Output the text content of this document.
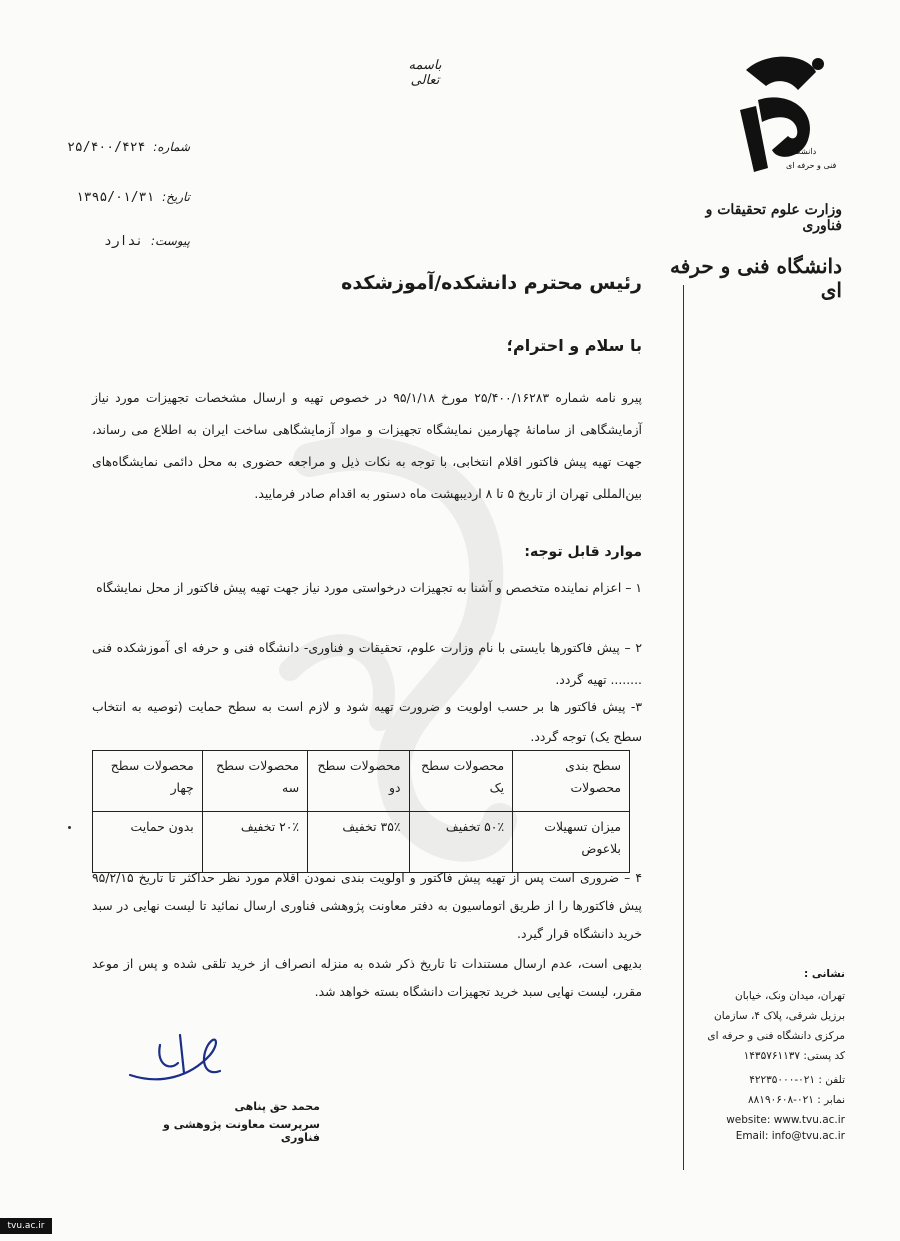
باسمه تعالی
شماره: ۲۵/۴۰۰/۴۲۴
تاریخ: ۱۳۹۵/۰۱/۳۱
پیوست: ندارد
دانشگاه
فنی و حرفه ای
وزارت علوم تحقیقات و فناوری
دانشگاه فنی و حرفه ای
رئیس محترم دانشکده/آموزشکده
با سلام و احترام؛
پیرو نامه شماره ۲۵/۴۰۰/۱۶۲۸۳ مورخ ۹۵/۱/۱۸ در خصوص تهیه و ارسال مشخصات تجهیزات مورد نیاز آزمایشگاهی از سامانهٔ چهارمین نمایشگاه تجهیزات و مواد آزمایشگاهی ساخت ایران به اطلاع می رساند، جهت تهیه پیش فاکتور اقلام انتخابی، با توجه به نکات ذیل و مراجعه حضوری به محل دائمی نمایشگاه‌های بین‌المللی تهران از تاریخ ۵ تا ۸ اردیبهشت ماه دستور به اقدام صادر فرمایید.
موارد قابل توجه:
۱ – اعزام نماینده متخصص و آشنا به تجهیزات درخواستی مورد نیاز جهت تهیه پیش فاکتور از محل نمایشگاه
۲ – پیش فاکتورها بایستی با نام وزارت علوم، تحقیقات و فناوری- دانشگاه فنی و حرفه ای آموزشکده فنی ........ تهیه گردد.
۳- پیش فاکتور ها بر حسب اولویت و ضرورت تهیه شود و لازم است به سطح حمایت (توصیه به انتخاب سطح یک) توجه گردد.
سطح بندی محصولات	محصولات سطح یک	محصولات سطح دو	محصولات سطح سه	محصولات سطح چهار
میزان تسهیلات بلاعوض	۵۰٪ تخفیف	۳۵٪ تخفیف	۲۰٪ تخفیف	بدون حمایت
۴ – ضروری است پس از تهیه پیش فاکتور و اولویت بندی نمودن اقلام مورد نظر حداکثر تا تاریخ ۹۵/۲/۱۵ پیش فاکتورها را از طریق اتوماسیون به دفتر معاونت پژوهشی فناوری ارسال نمائید تا لیست نهایی در سبد خرید دانشگاه قرار گیرد.
بدیهی است، عدم ارسال مستندات تا تاریخ ذکر شده به منزله انصراف از خرید تلقی شده و پس از موعد مقرر، لیست نهایی سبد خرید تجهیزات دانشگاه بسته خواهد شد.
محمد حق پناهی
سرپرست معاونت پژوهشی و فناوری
نشانی :
تهران، میدان ونک، خیابان
برزیل شرقی، پلاک ۴، سازمان
مرکزی دانشگاه فنی و حرفه ای
کد پستی: ۱۴۳۵۷۶۱۱۳۷
تلفن : ۰۲۱-۴۲۲۳۵۰۰۰
نمابر : ۰۲۱-۸۸۱۹۰۶۰۸
website: www.tvu.ac.ir
Email: info@tvu.ac.ir
tvu.ac.ir
